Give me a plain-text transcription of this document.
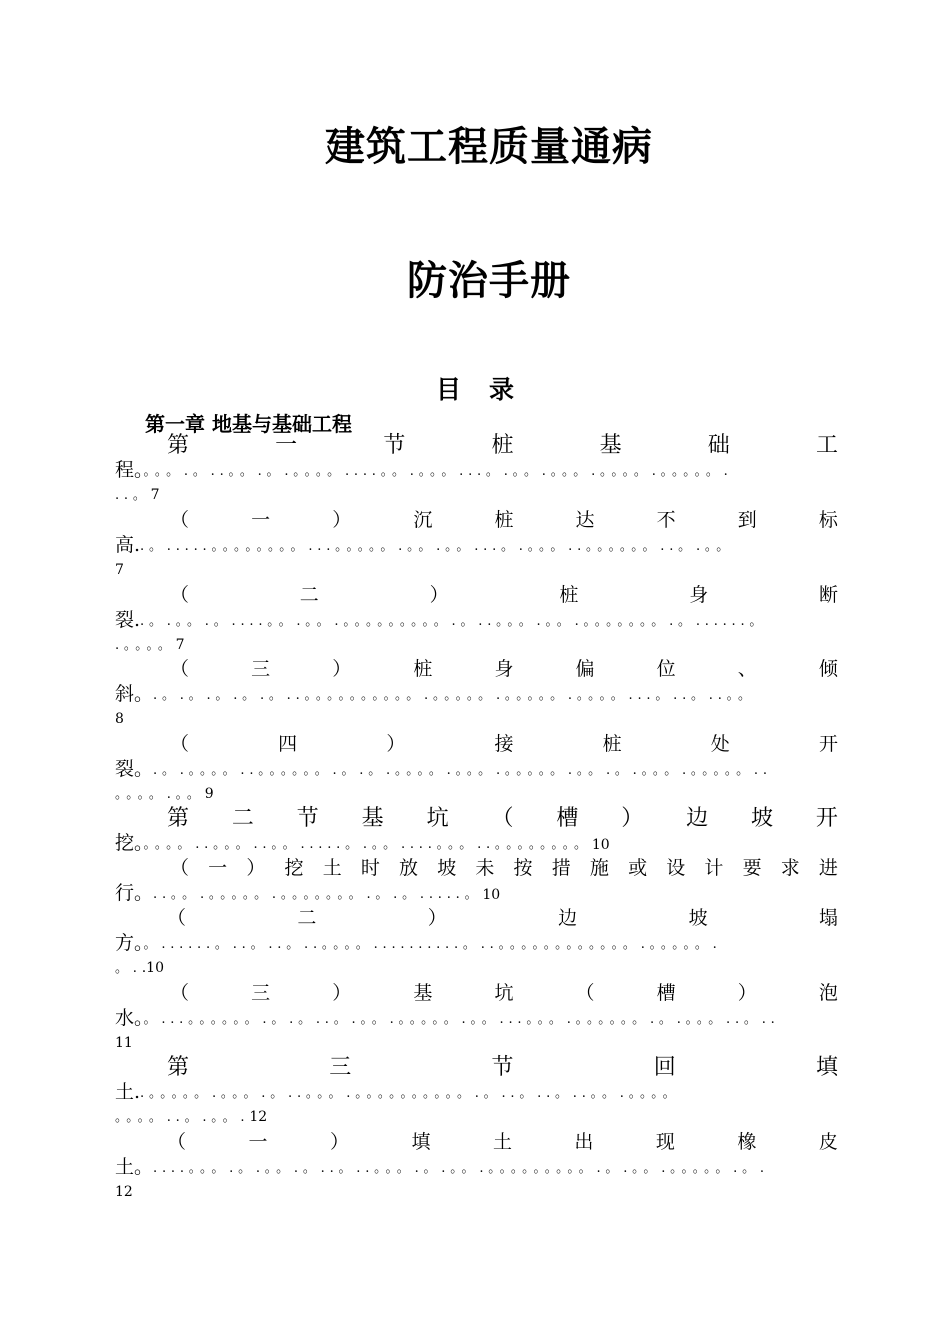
建筑工程质量通病
防治手册
目录
第一章 地基与基础工程
第	一	节	桩	基	础	工
程。。。。.。..。。.。.。。。。....。。.。。。...。.。。.。。。.。。。。.。。。。。.
..。7
（	一	）	沉	桩	达	不	到	标
高..。.....。。。。。。。。...。。。。。.。。.。。...。.。。。..。。。。。。..。.。。
7
（	二	）	桩	身	断
裂..。.。。.。....。。.。。.。。。。。。。。。.。..。。。.。。.。。。。。。。.。......。
.。。。。7
（	三	）	桩	身	偏	位	、	倾
斜。.。.。.。.。.。..。。。。。。。。。。.。。。。。.。。。。。.。。。。...。..。..。。
8
（	四	）	接	桩	处	开
裂。.。.。。。。..。。。。。。.。.。.。。。。.。。。.。。。。。.。。.。.。。。.。。。。。..
。。。。.。。9
第 二 节 基 坑 （ 槽 ） 边 坡 开
挖。。。。。..。。。..。。.....。.。。....。。。..。。。。。。。。10
（ 一 ） 挖 土 时 放 坡 未 按 措 施 或 设 计 要 求 进
行。..。。.。。。。。.。。。。。。。.。.。.....。10
（	二	）	边	坡	塌
方。。......。..。..。..。。。。..........。..。。。。。。。。。。。。.。。。。。.
。..10
（	三	）	基	坑	（	槽	）	泡
水。。...。。。。。。.。.。..。.。。.。。。。。.。。...。。。.。。。。。。.。.。。。..。..
11
第	三	节	回	填
土..。。。。。.。。。.。..。。。.。。。。。。。。。。.。..。..。..。。.。。。。
。。。。..。.。。.12
（	一	）	填	土	出	现	橡	皮
土。....。。。.。.。。.。..。..。。。.。.。。.。。。。。。。。。.。.。。.。。。。。.。.
12
